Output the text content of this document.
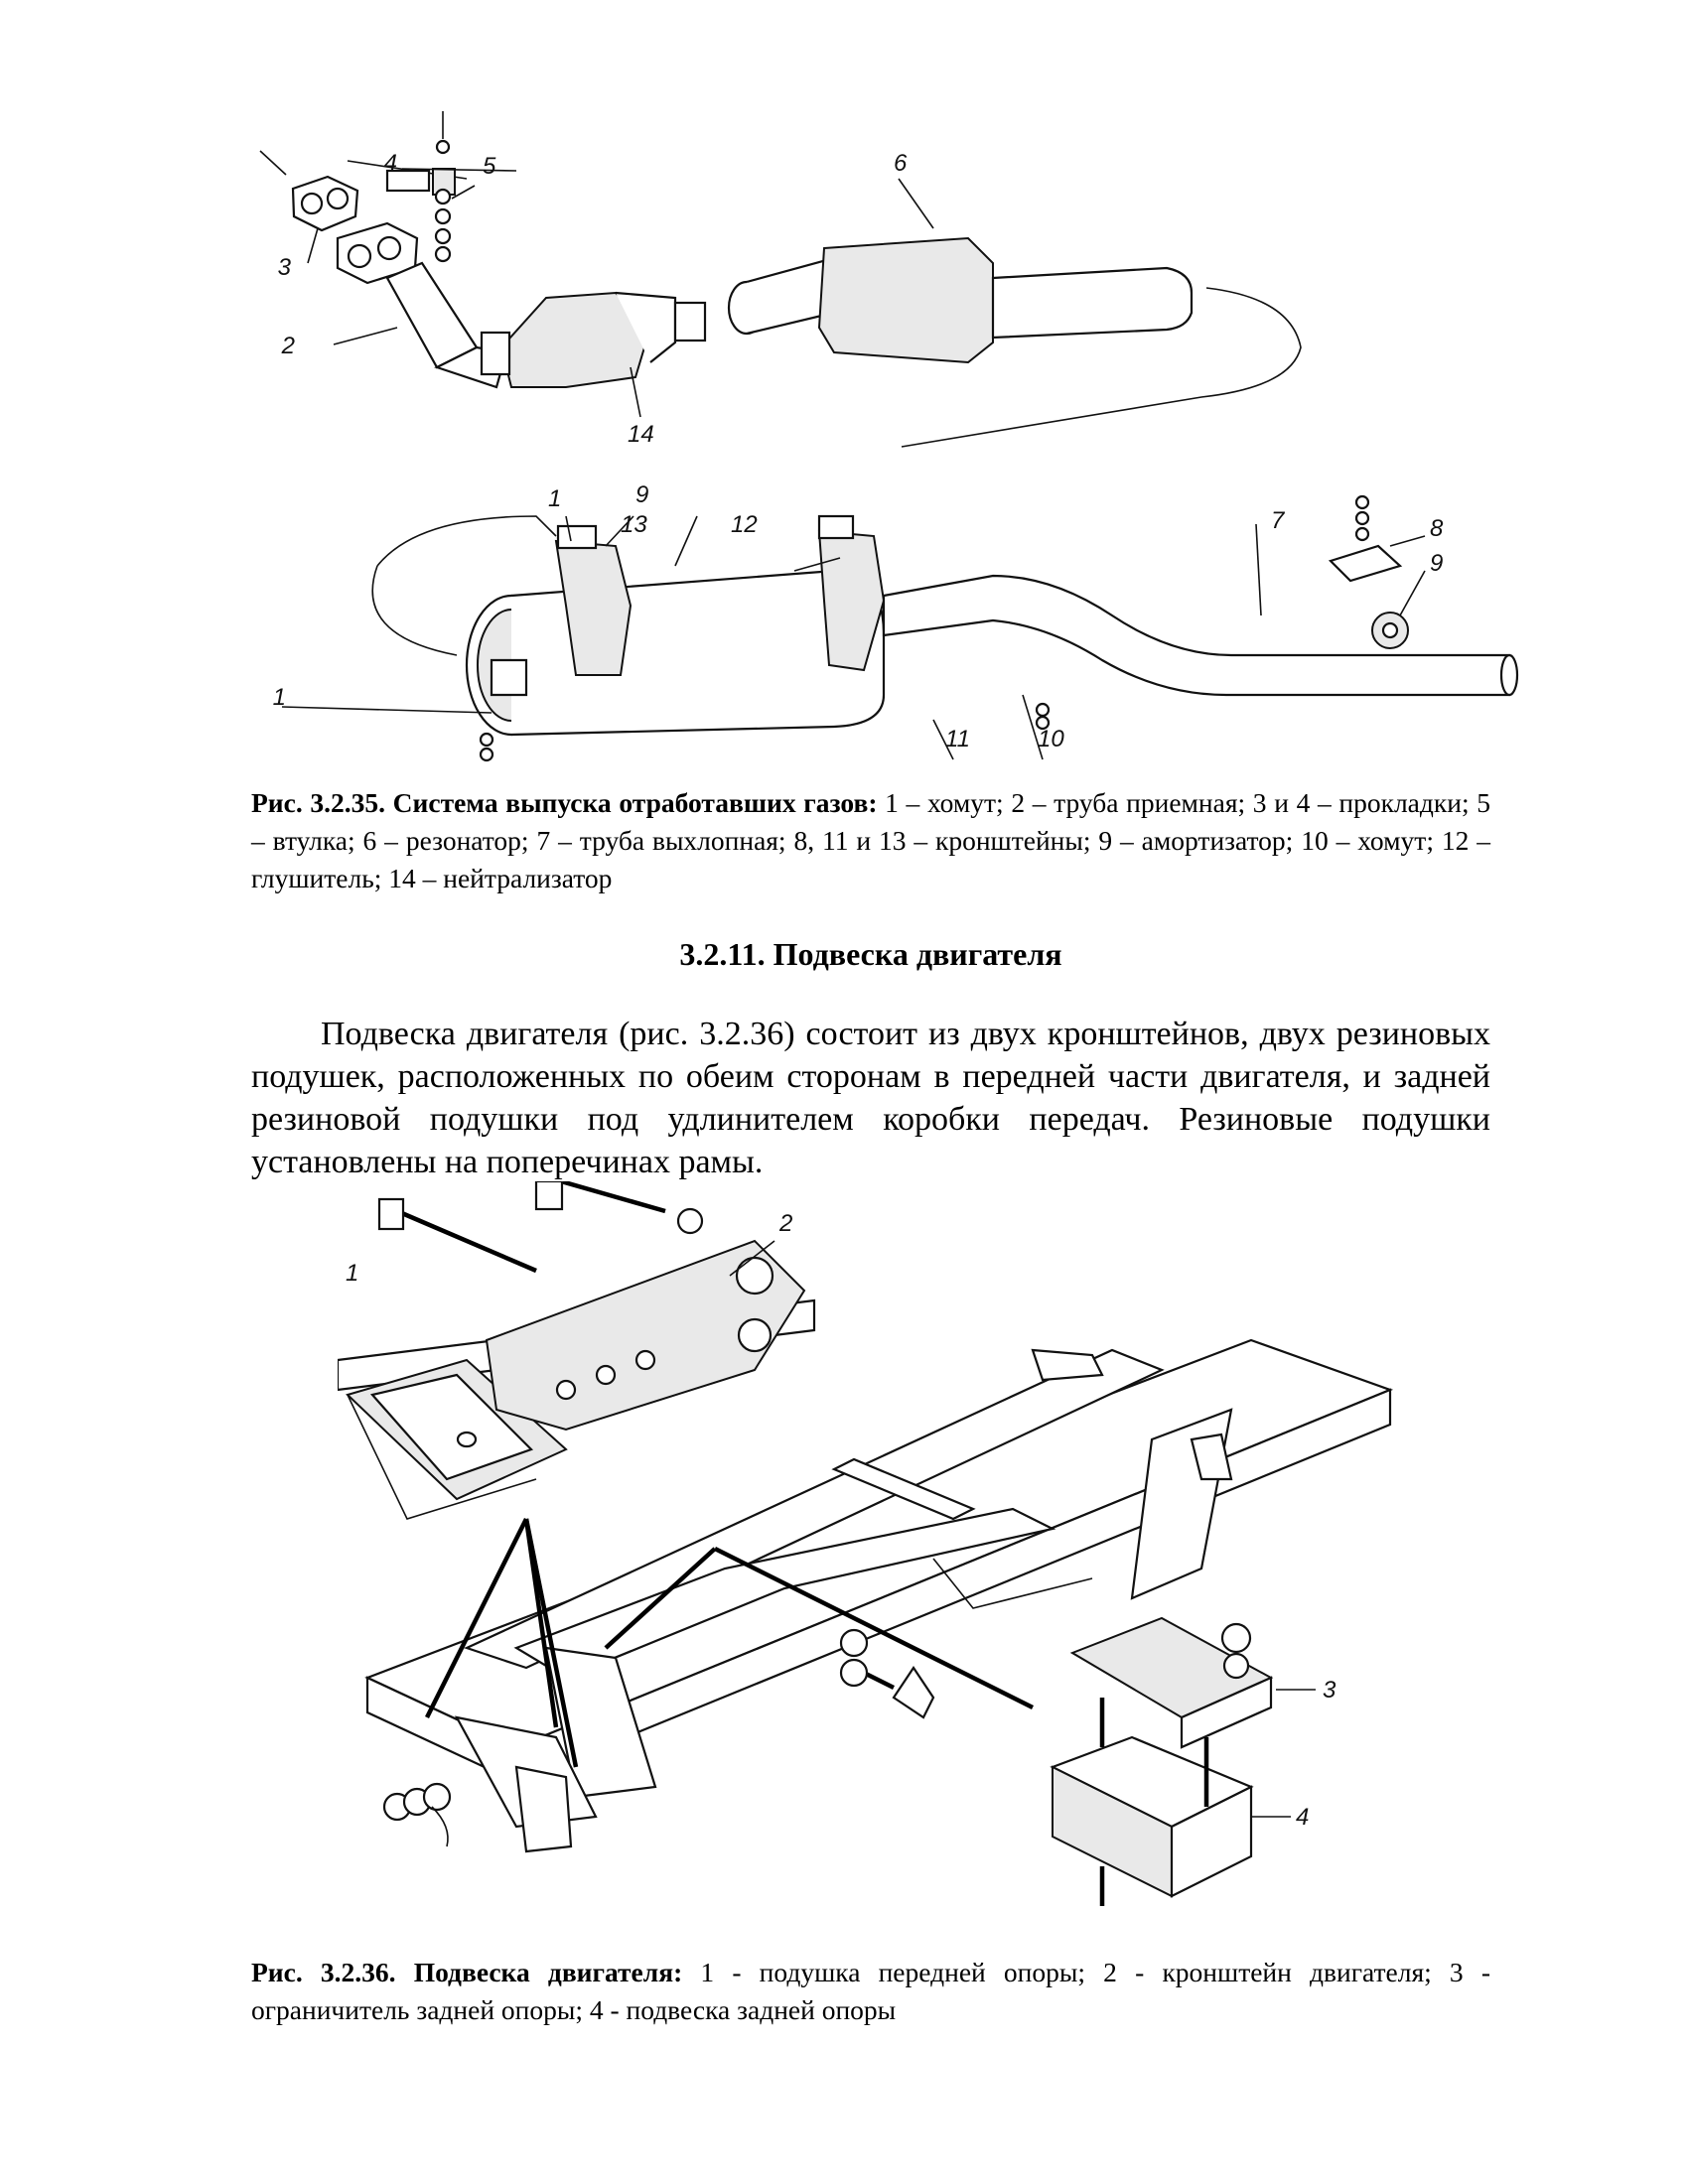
1
2
3
4	5	6
7	8
9
9
1
10
11
12
13
14
Рис. 3.2.35. Система выпуска отработавших газов: 1 – хомут; 2 – труба приемная; 3 и 4 – прокладки; 5 – втулка; 6 – резонатор; 7 – труба выхлопная; 8, 11 и 13 – кронштейны; 9 – амортизатор; 10 – хомут; 12 – глушитель; 14 – нейтрализатор
3.2.11. Подвеска двигателя

Подвеска двигателя (рис. 3.2.36) состоит из двух кронштейнов, двух резиновых подушек, расположенных по обеим сторонам в передней части двигателя, и задней резиновой подушки под удлинителем коробки передач. Резиновые подушки установлены на поперечинах рамы.

1
2
3
4
Рис. 3.2.36. Подвеска двигателя: 1 - подушка передней опоры; 2 - кронштейн двигателя; 3 - ограничитель задней опоры; 4 - подвеска задней опоры
